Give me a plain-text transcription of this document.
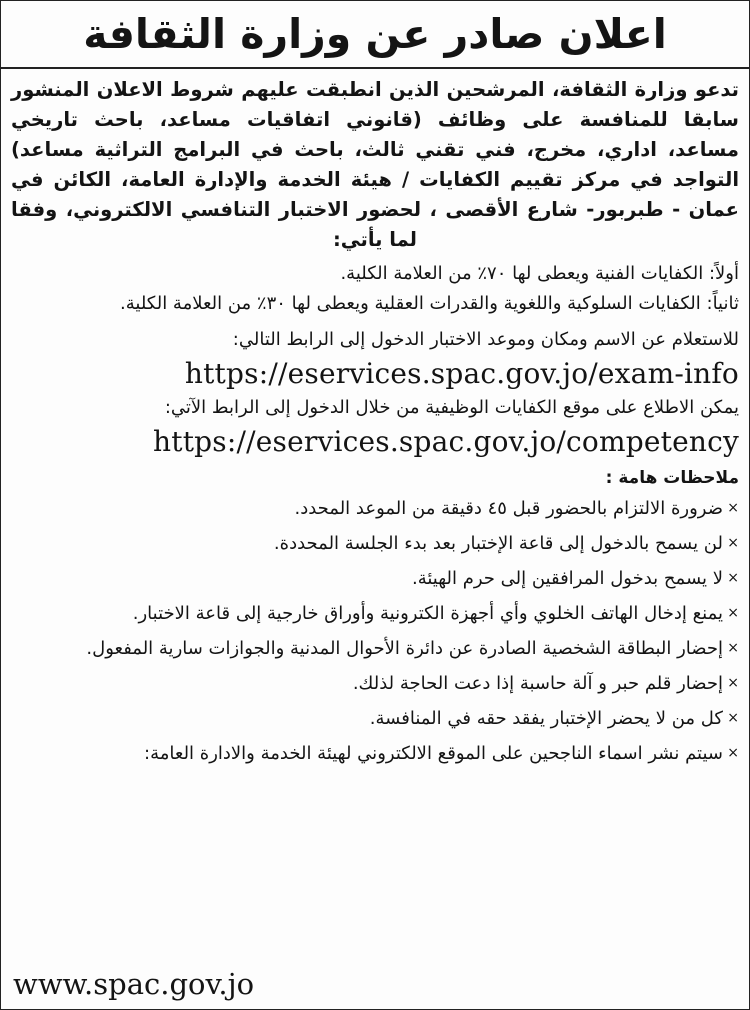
اعلان صادر عن وزارة الثقافة

تدعو وزارة الثقافة، المرشحين الذين انطبقت عليهم شروط الاعلان المنشور سابقا للمنافسة على وظائف (قانوني اتفاقيات مساعد، باحث تاريخي مساعد، اداري، مخرج، فني تقني ثالث، باحث في البرامج التراثية مساعد) التواجد في مركز تقييم الكفايات / هيئة الخدمة والإدارة العامة، الكائن في عمان - طبربور- شارع الأقصى ، لحضور الاختبار التنافسي الالكتروني، وفقا لما يأتي:

أولاً: الكفايات الفنية ويعطى لها ٧٠٪ من العلامة الكلية.

ثانياً: الكفايات السلوكية واللغوية والقدرات العقلية ويعطى لها ٣٠٪ من العلامة الكلية.

للاستعلام عن الاسم ومكان وموعد الاختبار الدخول إلى الرابط التالي:

https://eservices.spac.gov.jo/exam-info

يمكن الاطلاع على موقع الكفايات الوظيفية من خلال الدخول إلى الرابط الآتي:

https://eservices.spac.gov.jo/competency
ملاحظات هامة :
×
ضرورة الالتزام بالحضور قبل ٤٥ دقيقة من الموعد المحدد.
×
لن يسمح بالدخول إلى قاعة الإختبار بعد بدء الجلسة المحددة.
×
لا يسمح بدخول المرافقين إلى حرم الهيئة.
×
يمنع إدخال الهاتف الخلوي وأي أجهزة الكترونية وأوراق خارجية إلى قاعة الاختبار.
×
إحضار البطاقة الشخصية الصادرة عن دائرة الأحوال المدنية والجوازات سارية المفعول.
×
إحضار قلم حبر و آلة حاسبة إذا دعت الحاجة لذلك.
×
كل من لا يحضر الإختبار يفقد حقه في المنافسة.
×
سيتم نشر اسماء الناجحين على الموقع الالكتروني لهيئة الخدمة والادارة العامة:
www.spac.gov.jo
